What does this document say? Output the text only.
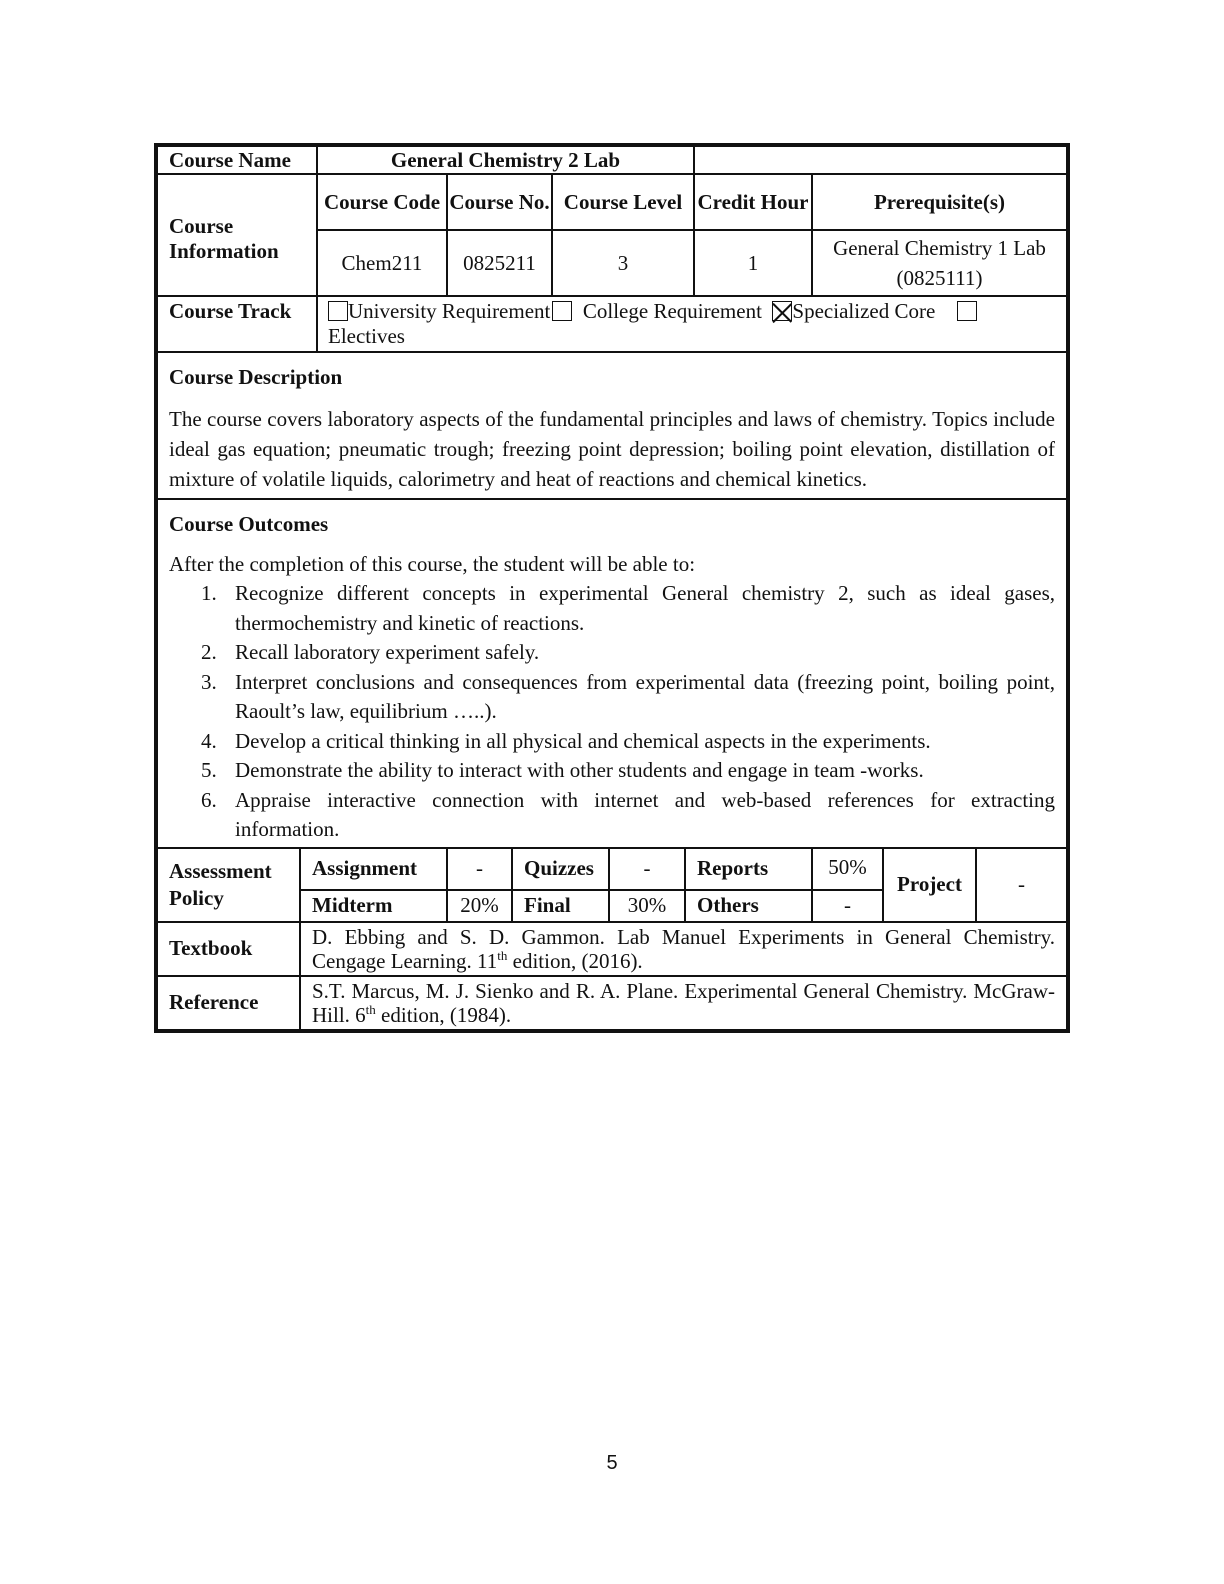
Course Name	General Chemistry 2 Lab				
Course Information	Course Code	Course No.	Course Level	Credit Hour	Prerequisite(s)
	Chem211	0825211	3	1	General Chemistry 1 Lab
(0825111)

Course Track	University Requirement College Requirement Specialized Core
Electives				
Course Description

The course covers laboratory aspects of the fundamental principles and laws of chemistry. Topics include ideal gas equation; pneumatic trough; freezing point depression; boiling point elevation, distillation of mixture of volatile liquids, calorimetry and heat of reactions and chemical kinetics.

Course Outcomes

After the completion of this course, the student will be able to:

1. Recognize different concepts in experimental General chemistry 2, such as ideal gases, thermochemistry and kinetic of reactions.
2. Recall laboratory experiment safely.
3. Interpret conclusions and consequences from experimental data (freezing point, boiling point, Raoult’s law, equilibrium …..).
4. Develop a critical thinking in all physical and chemical aspects in the experiments.
5. Demonstrate the ability to interact with other students and engage in team -works.
6. Appraise interactive connection with internet and web-based references for extracting information.
Assessment Policy	Assignment	-	Quizzes	-	Reports	50%	Project	-
	Midterm	20%	Final	30%	Others	-		
Textbook	D. Ebbing and S. D. Gammon. Lab Manuel Experiments in General Chemistry. Cengage Learning. 11th edition, (2016).							
Reference	S.T. Marcus, M. J. Sienko and R. A. Plane. Experimental General Chemistry. McGraw-Hill. 6th edition, (1984).							
5
